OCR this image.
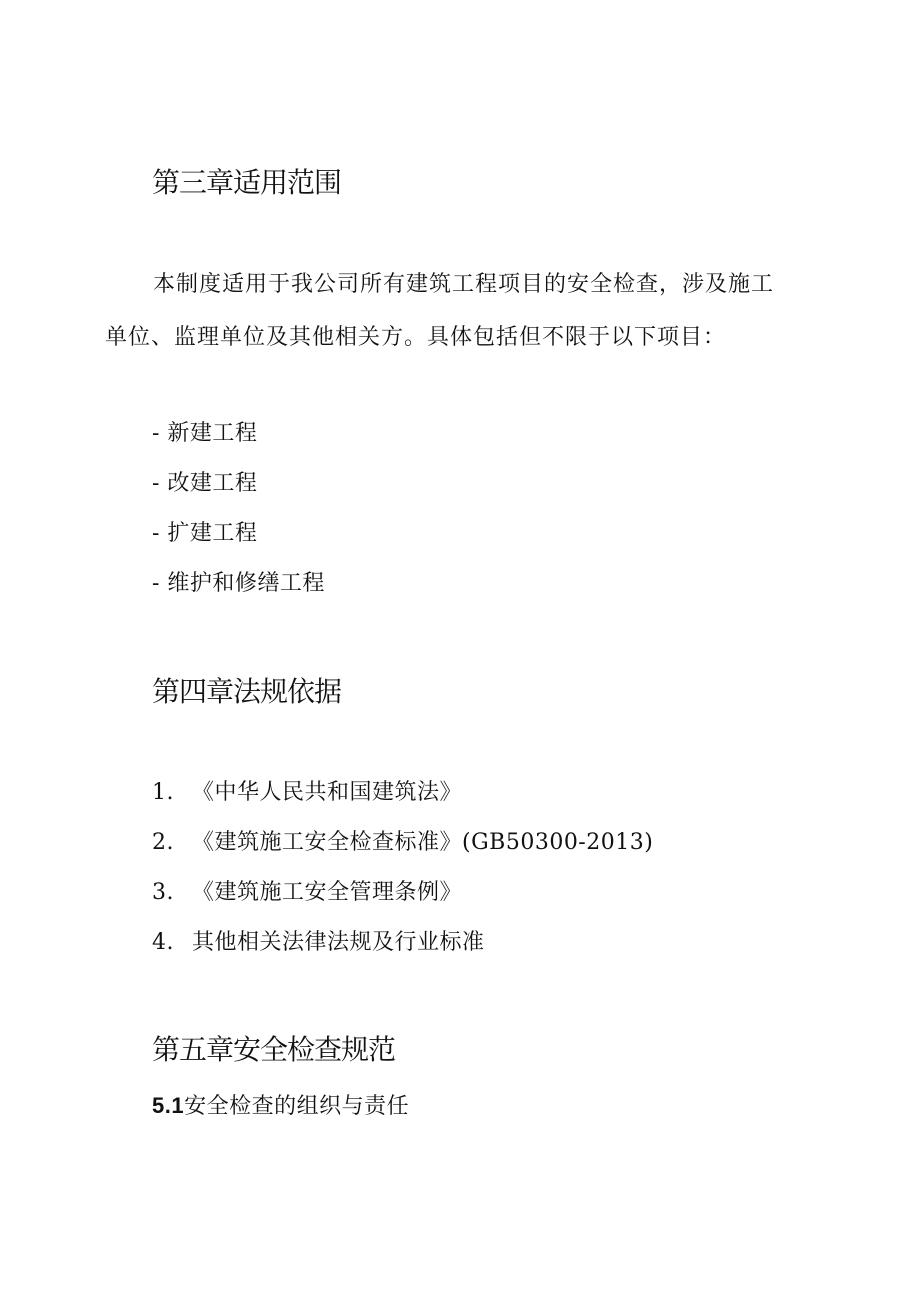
第三章适用范围

本制度适用于我公司所有建筑工程项目的安全检查，涉及施工单位、监理单位及其他相关方。具体包括但不限于以下项目：

- 新建工程

- 改建工程

- 扩建工程

- 维护和修缮工程

第四章法规依据

1. 《中华人民共和国建筑法》

2. 《建筑施工安全检查标准》(GB50300-2013)

3. 《建筑施工安全管理条例》

4. 其他相关法律法规及行业标准

第五章安全检查规范

5.1安全检查的组织与责任
